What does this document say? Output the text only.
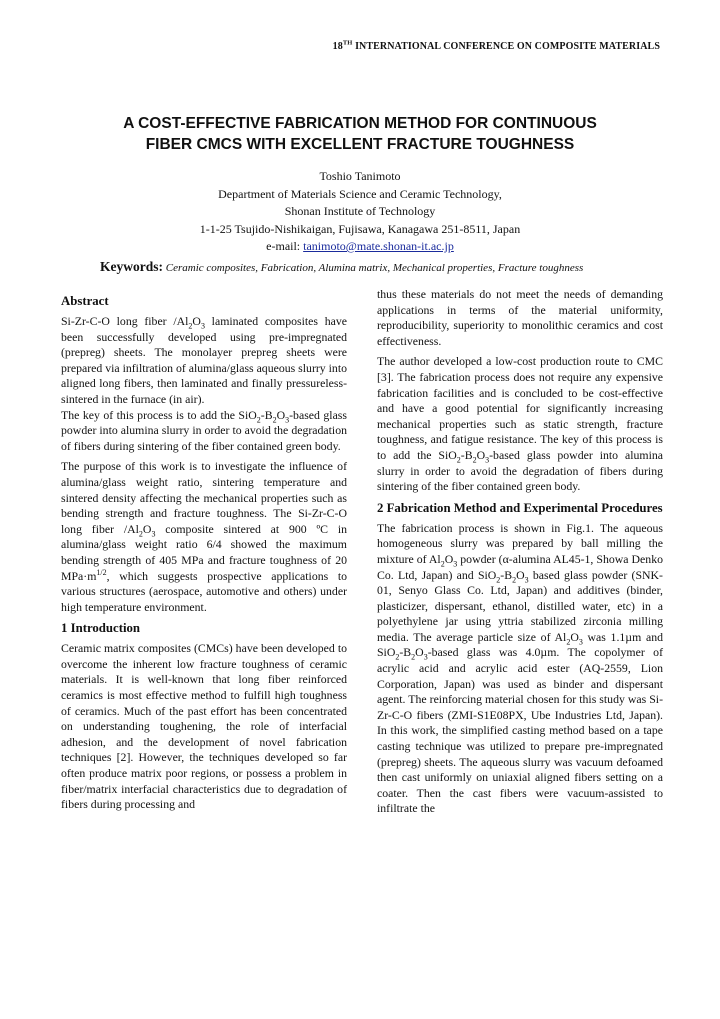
18TH INTERNATIONAL CONFERENCE ON COMPOSITE MATERIALS
A COST-EFFECTIVE FABRICATION METHOD FOR CONTINUOUS
FIBER CMCS WITH EXCELLENT FRACTURE TOUGHNESS
Toshio Tanimoto
Department of Materials Science and Ceramic Technology,
Shonan Institute of Technology
1-1-25 Tsujido-Nishikaigan, Fujisawa, Kanagawa 251-8511, Japan
e-mail: tanimoto@mate.shonan-it.ac.jp
Keywords: Ceramic composites, Fabrication, Alumina matrix, Mechanical properties, Fracture toughness
Abstract

Si-Zr-C-O long fiber $/Al_2O_3$ laminated composites have been successfully developed using pre-impregnated (prepreg) sheets. The monolayer prepreg sheets were prepared via infiltration of alumina/glass aqueous slurry into aligned long fibers, then laminated and finally pressureless-sintered in the furnace (in air).

The key of this process is to add the $SiO_2-B_2O_3$-based glass powder into alumina slurry in order to avoid the degradation of fibers during sintering of the fiber contained green body.

The purpose of this work is to investigate the influence of alumina/glass weight ratio, sintering temperature and sintered density affecting the mechanical properties such as bending strength and fracture toughness. The Si-Zr-C-O long fiber $/Al_2O_3$ composite sintered at 900 ºC in alumina/glass weight ratio 6/4 showed the maximum bending strength of 405 MPa and fracture toughness of 20 $MPa\cdot m^{1/2}$, which suggests prospective applications to various structures (aerospace, automotive and others) under high temperature environment.

1 Introduction

Ceramic matrix composites (CMCs) have been developed to overcome the inherent low fracture toughness of ceramic materials. It is well-known that long fiber reinforced ceramics is most effective method to fulfill high toughness of ceramics. Much of the past effort has been concentrated on understanding toughening, the role of interfacial adhesion, and the development of novel fabrication techniques [2]. However, the techniques developed so far often produce matrix poor regions, or possess a problem in fiber/matrix interfacial characteristics due to degradation of fibers during processing and

thus these materials do not meet the needs of demanding applications in terms of the material uniformity, reproducibility, superiority to monolithic ceramics and cost effectiveness.

The author developed a low-cost production route to CMC [3]. The fabrication process does not require any expensive fabrication facilities and is concluded to be cost-effective and have a good potential for significantly increasing mechanical properties such as static strength, fracture toughness, and fatigue resistance. The key of this process is to add the $SiO_2-B_2O_3$-based glass powder into alumina slurry in order to avoid the degradation of fibers during sintering of the fiber contained green body.

2 Fabrication Method and Experimental Procedures

The fabrication process is shown in Fig.1. The aqueous homogeneous slurry was prepared by ball milling the mixture of $Al_2O_3$ powder (α-alumina AL45-1, Showa Denko Co. Ltd, Japan) and $SiO_2-B_2O_3$ based glass powder (SNK-01, Senyo Glass Co. Ltd, Japan) and additives (binder, plasticizer, dispersant, ethanol, distilled water, etc) in a polyethylene jar using yttria stabilized zirconia milling media. The average particle size of $Al_2O_3$ was 1.1µm and $SiO_2-B_2O_3$-based glass was 4.0µm. The copolymer of acrylic acid and acrylic acid ester (AQ-2559, Lion Corporation, Japan) was used as binder and dispersant agent. The reinforcing material chosen for this study was Si-Zr-C-O fibers (ZMI-S1E08PX, Ube Industries Ltd, Japan). In this work, the simplified casting method based on a tape casting technique was utilized to prepare pre-impregnated (prepreg) sheets. The aqueous slurry was vacuum defoamed then cast uniformly on uniaxial aligned fibers setting on a coater. Then the cast fibers were vacuum-assisted to infiltrate the
